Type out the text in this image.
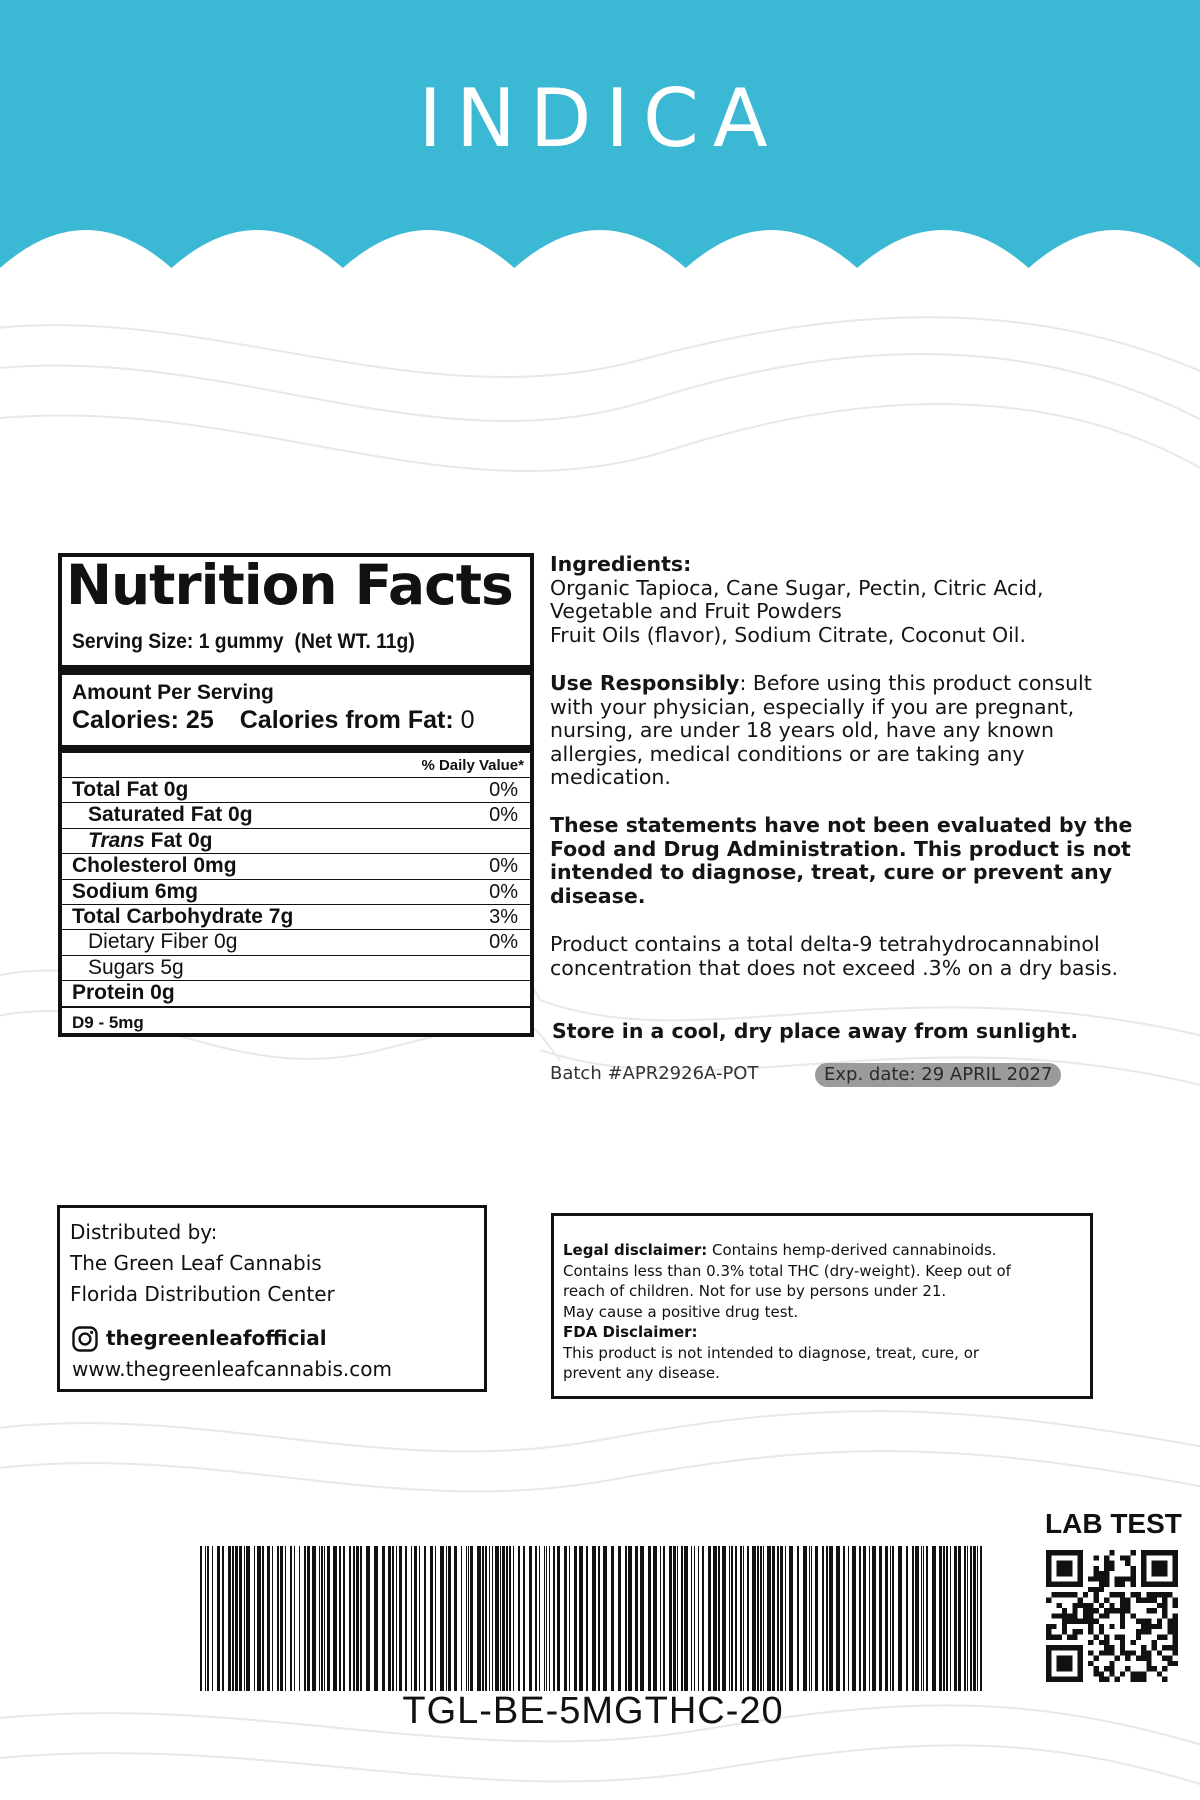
INDICA
Nutrition Facts
Serving Size: 1 gummy (Net WT. 11g)
Amount Per Serving
Calories: 25 Calories from Fat: 0
% Daily Value*
Total Fat 0g	0%
Saturated Fat 0g	0%
Trans Fat 0g
Cholesterol 0mg	0%
Sodium 6mg	0%
Total Carbohydrate 7g	3%
Dietary Fiber 0g	0%
Sugars 5g
Protein 0g
D9 - 5mg

Ingredients:

Organic Tapioca, Cane Sugar, Pectin, Citric Acid,

Vegetable and Fruit Powders

Fruit Oils (flavor), Sodium Citrate, Coconut Oil.

Use Responsibly: Before using this product consult with your physician, especially if you are pregnant, nursing, are under 18 years old, have any known allergies, medical conditions or are taking any medication.

These statements have not been evaluated by the Food and Drug Administration. This product is not intended to diagnose, treat, cure or prevent any disease.

Product contains a total delta-9 tetrahydrocannabinol concentration that does not exceed .3% on a dry basis.

Store in a cool, dry place away from sunlight.

Batch #APR2926A-POT	Exp. date: 29 APRIL 2027
Distributed by:
The Green Leaf Cannabis
Florida Distribution Center
thegreenleafofficial
www.thegreenleafcannabis.com

Legal disclaimer: Contains hemp-derived cannabinoids.

Contains less than 0.3% total THC (dry-weight). Keep out of

reach of children. Not for use by persons under 21.

May cause a positive drug test.

FDA Disclaimer:

This product is not intended to diagnose, treat, cure, or

prevent any disease.

TGL-BE-5MGTHC-20
LAB TEST
